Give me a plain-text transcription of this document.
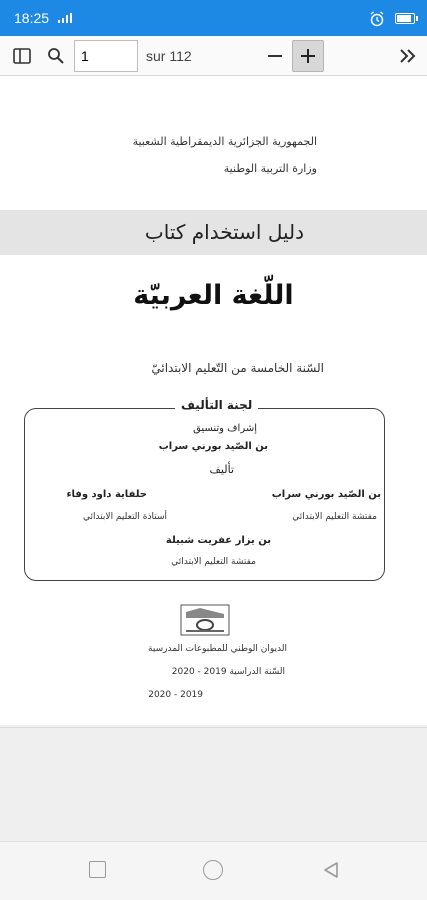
18:25
1
sur 112
الجمهورية الجزائرية الديمقراطية الشعبية
وزارة التربية الوطنية
دليل استخدام كتاب
اللّغة العربيّة
السّنة الخامسة من التّعليم الابتدائيّ
لجنة التأليف
إشراف وتنسيق
بن الصّيد بورني سراب
تأليف
بن الصّيد بورني سراب
مفتشة التعليم الابتدائي
حلفاية داود وفاء
أستاذة التعليم الابتدائي
بن يزار عفريت شبيلة
مفتشة التعليم الابتدائي
الديوان الوطني للمطبوعات المدرسية
السّنة الدراسية 2019 - 2020
2020 - 2019
